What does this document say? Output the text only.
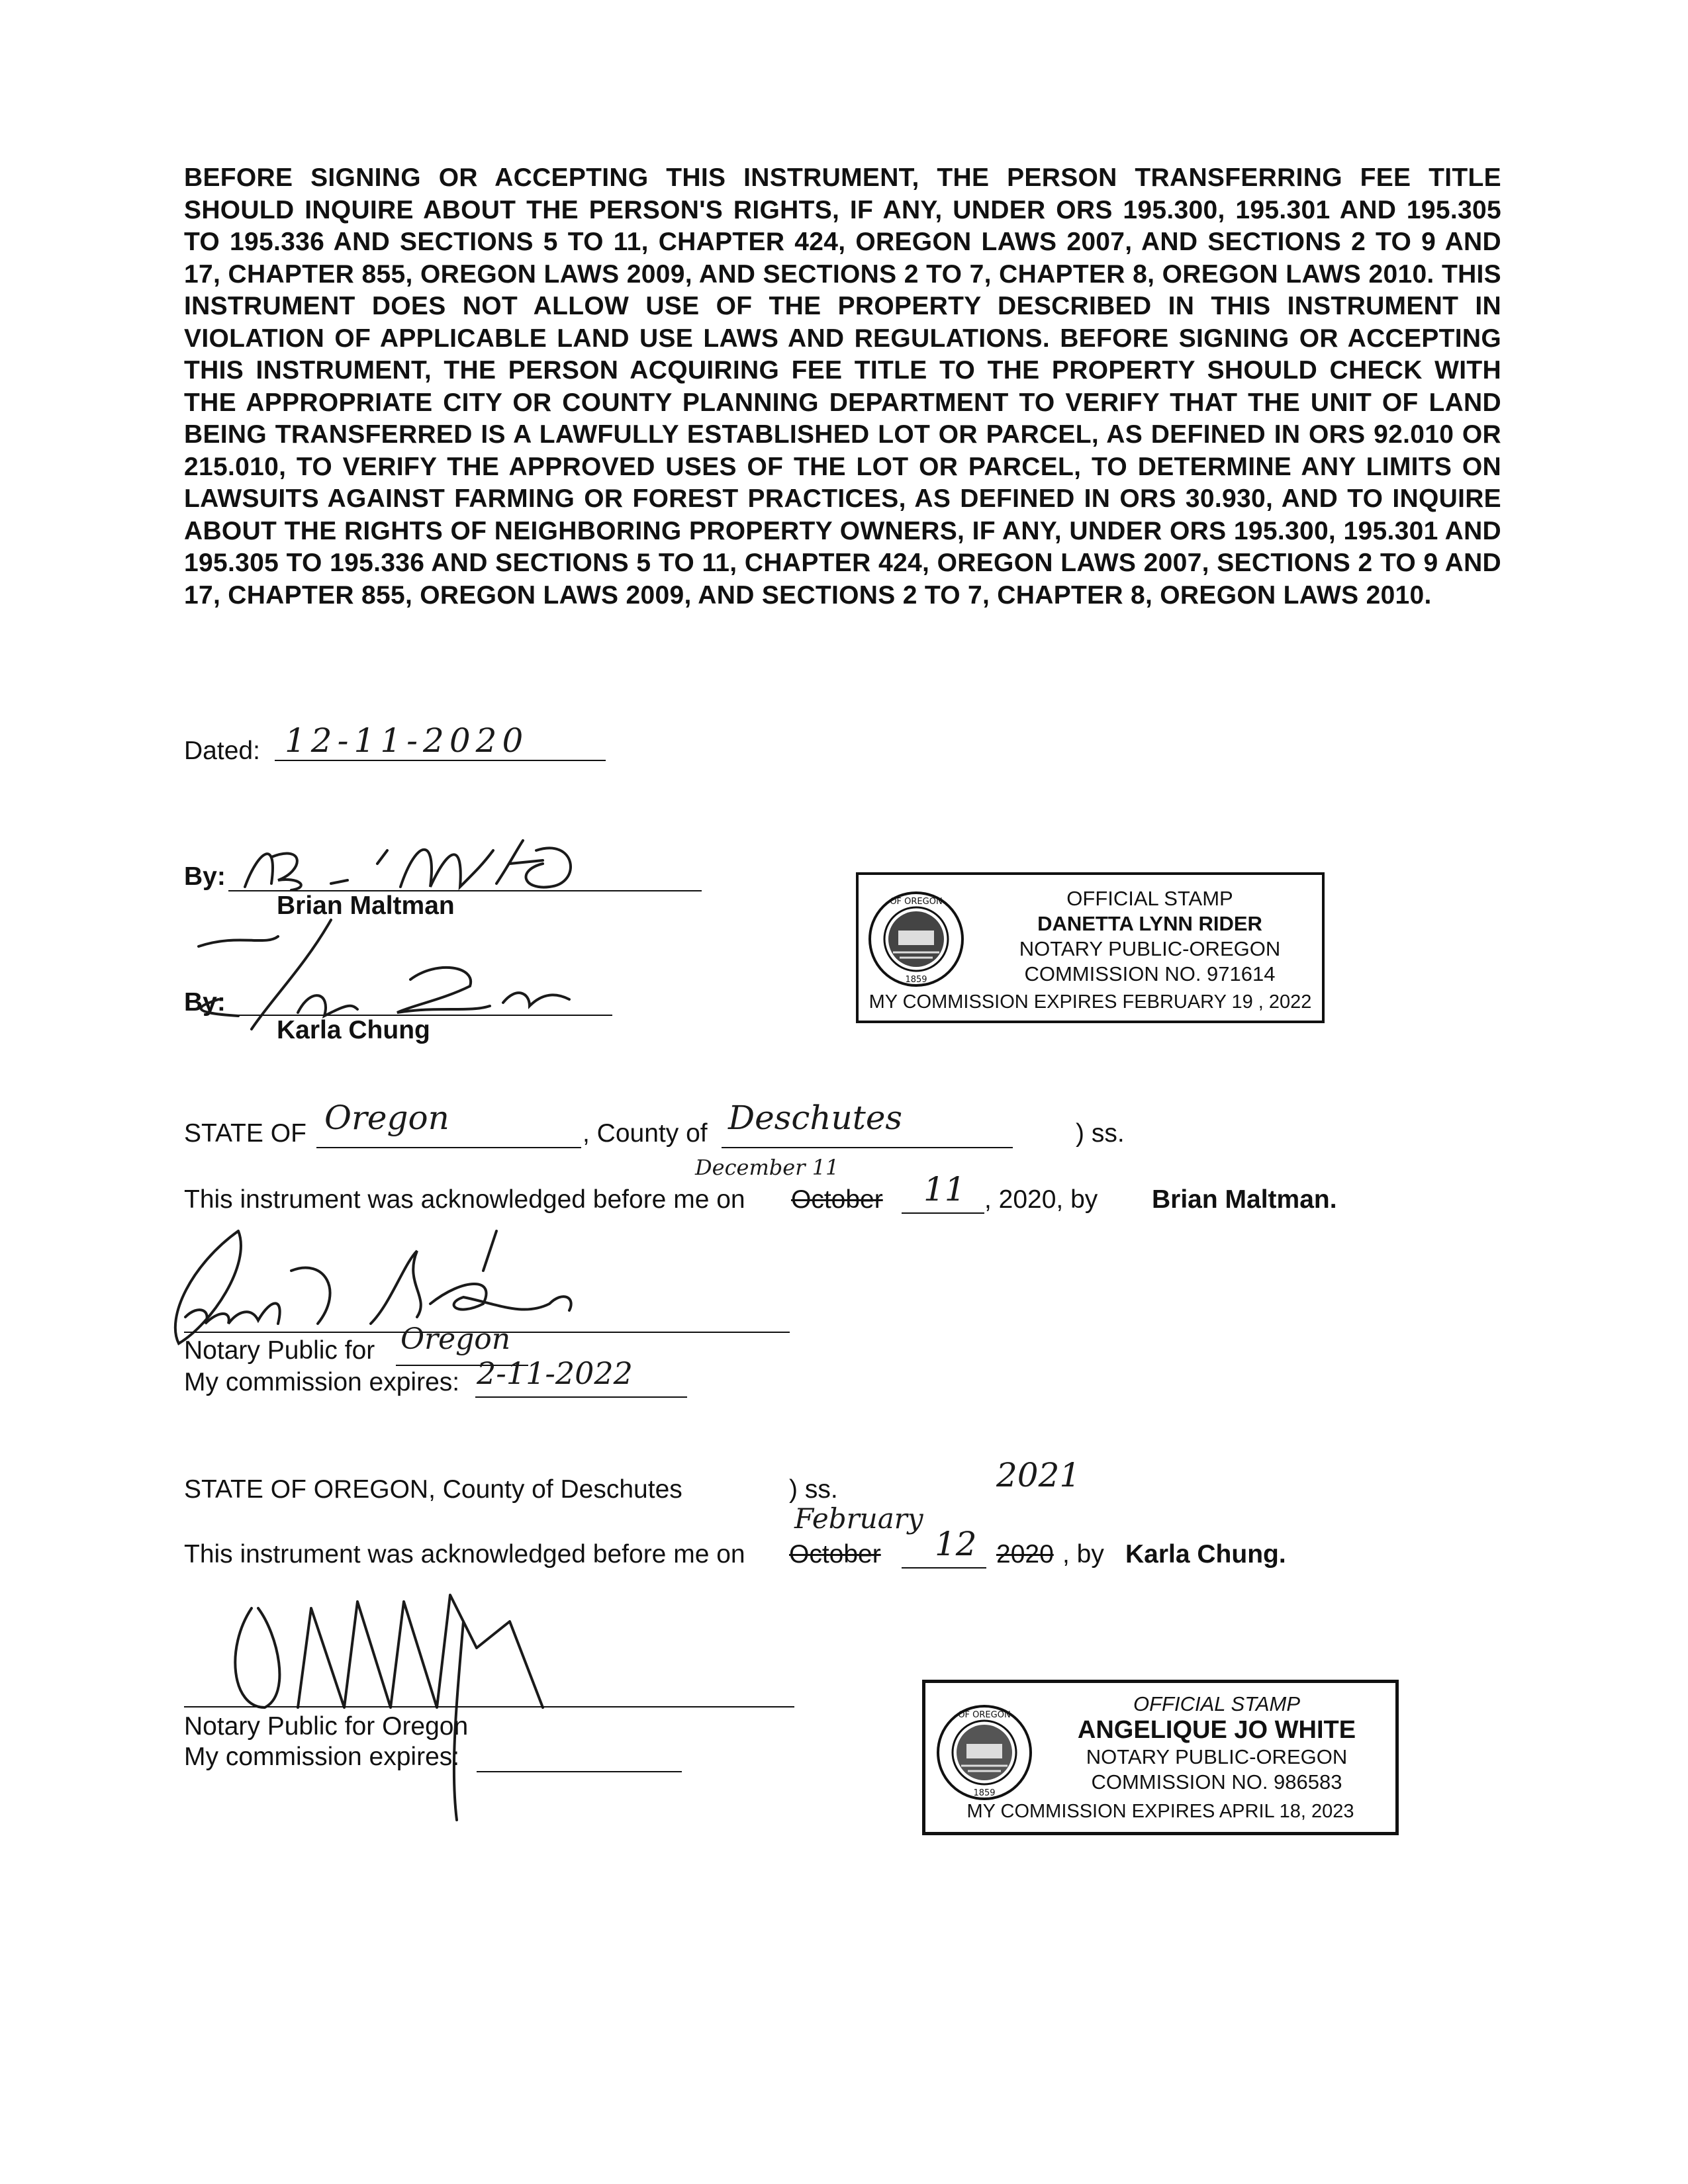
BEFORE SIGNING OR ACCEPTING THIS INSTRUMENT, THE PERSON TRANSFERRING FEE TITLE SHOULD INQUIRE ABOUT THE PERSON'S RIGHTS, IF ANY, UNDER ORS 195.300, 195.301 AND 195.305 TO 195.336 AND SECTIONS 5 TO 11, CHAPTER 424, OREGON LAWS 2007, AND SECTIONS 2 TO 9 AND 17, CHAPTER 855, OREGON LAWS 2009, AND SECTIONS 2 TO 7, CHAPTER 8, OREGON LAWS 2010. THIS INSTRUMENT DOES NOT ALLOW USE OF THE PROPERTY DESCRIBED IN THIS INSTRUMENT IN VIOLATION OF APPLICABLE LAND USE LAWS AND REGULATIONS. BEFORE SIGNING OR ACCEPTING THIS INSTRUMENT, THE PERSON ACQUIRING FEE TITLE TO THE PROPERTY SHOULD CHECK WITH THE APPROPRIATE CITY OR COUNTY PLANNING DEPARTMENT TO VERIFY THAT THE UNIT OF LAND BEING TRANSFERRED IS A LAWFULLY ESTABLISHED LOT OR PARCEL, AS DEFINED IN ORS 92.010 OR 215.010, TO VERIFY THE APPROVED USES OF THE LOT OR PARCEL, TO DETERMINE ANY LIMITS ON LAWSUITS AGAINST FARMING OR FOREST PRACTICES, AS DEFINED IN ORS 30.930, AND TO INQUIRE ABOUT THE RIGHTS OF NEIGHBORING PROPERTY OWNERS, IF ANY, UNDER ORS 195.300, 195.301 AND 195.305 TO 195.336 AND SECTIONS 5 TO 11, CHAPTER 424, OREGON LAWS 2007, SECTIONS 2 TO 9 AND 17, CHAPTER 855, OREGON LAWS 2009, AND SECTIONS 2 TO 7, CHAPTER 8, OREGON LAWS 2010.
Dated: 12-11-2020
By:
Brian Maltman
By:
Karla Chung
OF OREGON
1859
OFFICIAL STAMP
DANETTA LYNN RIDER
NOTARY PUBLIC-OREGON
COMMISSION NO. 971614
MY COMMISSION EXPIRES FEBRUARY 19 , 2022
STATE OF Oregon	, County of Deschutes	) ss.
December 11
This instrument was acknowledged before me on October 11 , 2020, by Brian Maltman.
Notary Public for Oregon
My commission expires: 2-11-2022
2021
STATE OF OREGON, County of Deschutes	) ss.
February
This instrument was acknowledged before me on October 12 2020 , by Karla Chung.
Notary Public for Oregon
My commission expires:
OF OREGON
1859
OFFICIAL STAMP
ANGELIQUE JO WHITE
NOTARY PUBLIC-OREGON
COMMISSION NO. 986583
MY COMMISSION EXPIRES APRIL 18, 2023
